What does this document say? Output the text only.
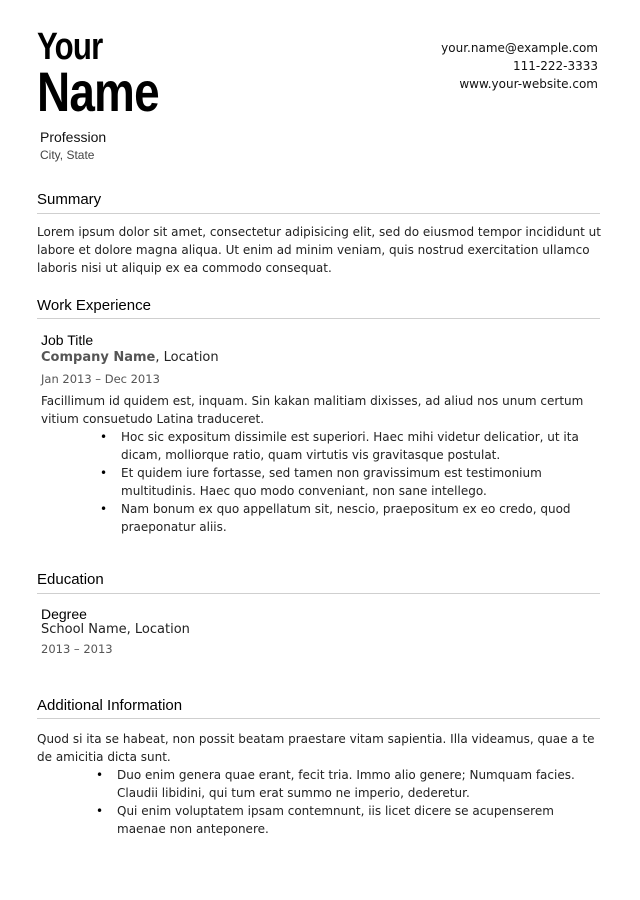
Your
Name
Profession
City, State
your.name@example.com
111-222-3333
www.your-website.com
Summary
Lorem ipsum dolor sit amet, consectetur adipisicing elit, sed do eiusmod tempor incididunt ut labore et dolore magna aliqua. Ut enim ad minim veniam, quis nostrud exercitation ullamco laboris nisi ut aliquip ex ea commodo consequat.
Work Experience
Job Title
Company Name, Location
Jan 2013 – Dec 2013
Facillimum id quidem est, inquam. Sin kakan malitiam dixisses, ad aliud nos unum certum vitium consuetudo Latina traduceret.
• Hoc sic expositum dissimile est superiori. Haec mihi videtur delicatior, ut ita dicam, molliorque ratio, quam virtutis vis gravitasque postulat.
• Et quidem iure fortasse, sed tamen non gravissimum est testimonium multitudinis. Haec quo modo conveniant, non sane intellego.
• Nam bonum ex quo appellatum sit, nescio, praepositum ex eo credo, quod praeponatur aliis.
Education
Degree
School Name, Location
2013 – 2013
Additional Information
Quod si ita se habeat, non possit beatam praestare vitam sapientia. Illa videamus, quae a te de amicitia dicta sunt.
• Duo enim genera quae erant, fecit tria. Immo alio genere; Numquam facies. Claudii libidini, qui tum erat summo ne imperio, dederetur.
• Qui enim voluptatem ipsam contemnunt, iis licet dicere se acupenserem maenae non anteponere.
